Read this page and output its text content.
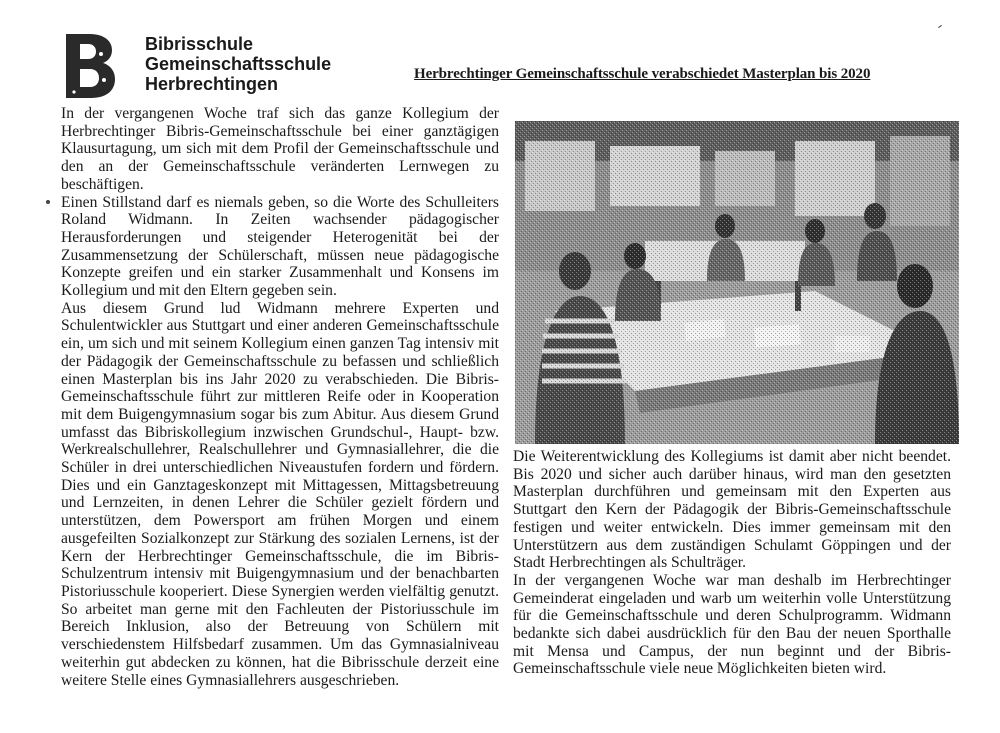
Bibrisschule
Gemeinschaftsschule
Herbrechtingen	Herbrechtinger Gemeinschaftsschule verabschiedet Masterplan bis 2020

In der vergangenen Woche traf sich das ganze Kollegium der Herbrechtinger Bibris-Gemeinschaftsschule bei einer ganztägigen Klausurtagung, um sich mit dem Profil der Gemeinschaftsschule und den an der Gemeinschaftsschule veränderten Lernwegen zu beschäftigen.

Einen Stillstand darf es niemals geben, so die Worte des Schulleiters Roland Widmann. In Zeiten wachsender pädagogischer Herausforderungen und steigender Heterogenität bei der Zusammensetzung der Schülerschaft, müssen neue pädagogische Konzepte greifen und ein starker Zusammenhalt und Konsens im Kollegium und mit den Eltern gegeben sein.

Aus diesem Grund lud Widmann mehrere Experten und Schulentwickler aus Stuttgart und einer anderen Gemeinschaftsschule ein, um sich und mit seinem Kollegium einen ganzen Tag intensiv mit der Pädagogik der Gemeinschaftsschule zu befassen und schließlich einen Masterplan bis ins Jahr 2020 zu verabschieden. Die Bibris-Gemeinschaftsschule führt zur mittleren Reife oder in Kooperation mit dem Buigengymnasium sogar bis zum Abitur. Aus diesem Grund umfasst das Bibriskollegium inzwischen Grundschul-, Haupt- bzw. Werkrealschullehrer, Realschullehrer und Gymnasiallehrer, die die Schüler in drei unterschiedlichen Niveaustufen fordern und fördern. Dies und ein Ganztageskonzept mit Mittagessen, Mittagsbetreuung und Lernzeiten, in denen Lehrer die Schüler gezielt fördern und unterstützen, dem Powersport am frühen Morgen und einem ausgefeilten Sozialkonzept zur Stärkung des sozialen Lernens, ist der Kern der Herbrechtinger Gemeinschaftsschule, die im Bibris-Schulzentrum intensiv mit Buigengymnasium und der benachbarten Pistoriusschule kooperiert. Diese Synergien werden vielfältig genutzt. So arbeitet man gerne mit den Fachleuten der Pistoriusschule im Bereich Inklusion, also der Betreuung von Schülern mit verschiedenstem Hilfsbedarf zusammen. Um das Gymnasialniveau weiterhin gut abdecken zu können, hat die Bibrisschule derzeit eine weitere Stelle eines Gymnasiallehrers ausgeschrieben.

Die Weiterentwicklung des Kollegiums ist damit aber nicht beendet. Bis 2020 und sicher auch darüber hinaus, wird man den gesetzten Masterplan durchführen und gemeinsam mit den Experten aus Stuttgart den Kern der Pädagogik der Bibris-Gemeinschaftsschule festigen und weiter entwickeln. Dies immer gemeinsam mit den Unterstützern aus dem zuständigen Schulamt Göppingen und der Stadt Herbrechtingen als Schulträger.

In der vergangenen Woche war man deshalb im Herbrechtinger Gemeinderat eingeladen und warb um weiterhin volle Unterstützung für die Gemeinschaftsschule und deren Schulprogramm. Widmann bedankte sich dabei ausdrücklich für den Bau der neuen Sporthalle mit Mensa und Campus, der nun beginnt und der Bibris-Gemeinschaftsschule viele neue Möglichkeiten bieten wird.
